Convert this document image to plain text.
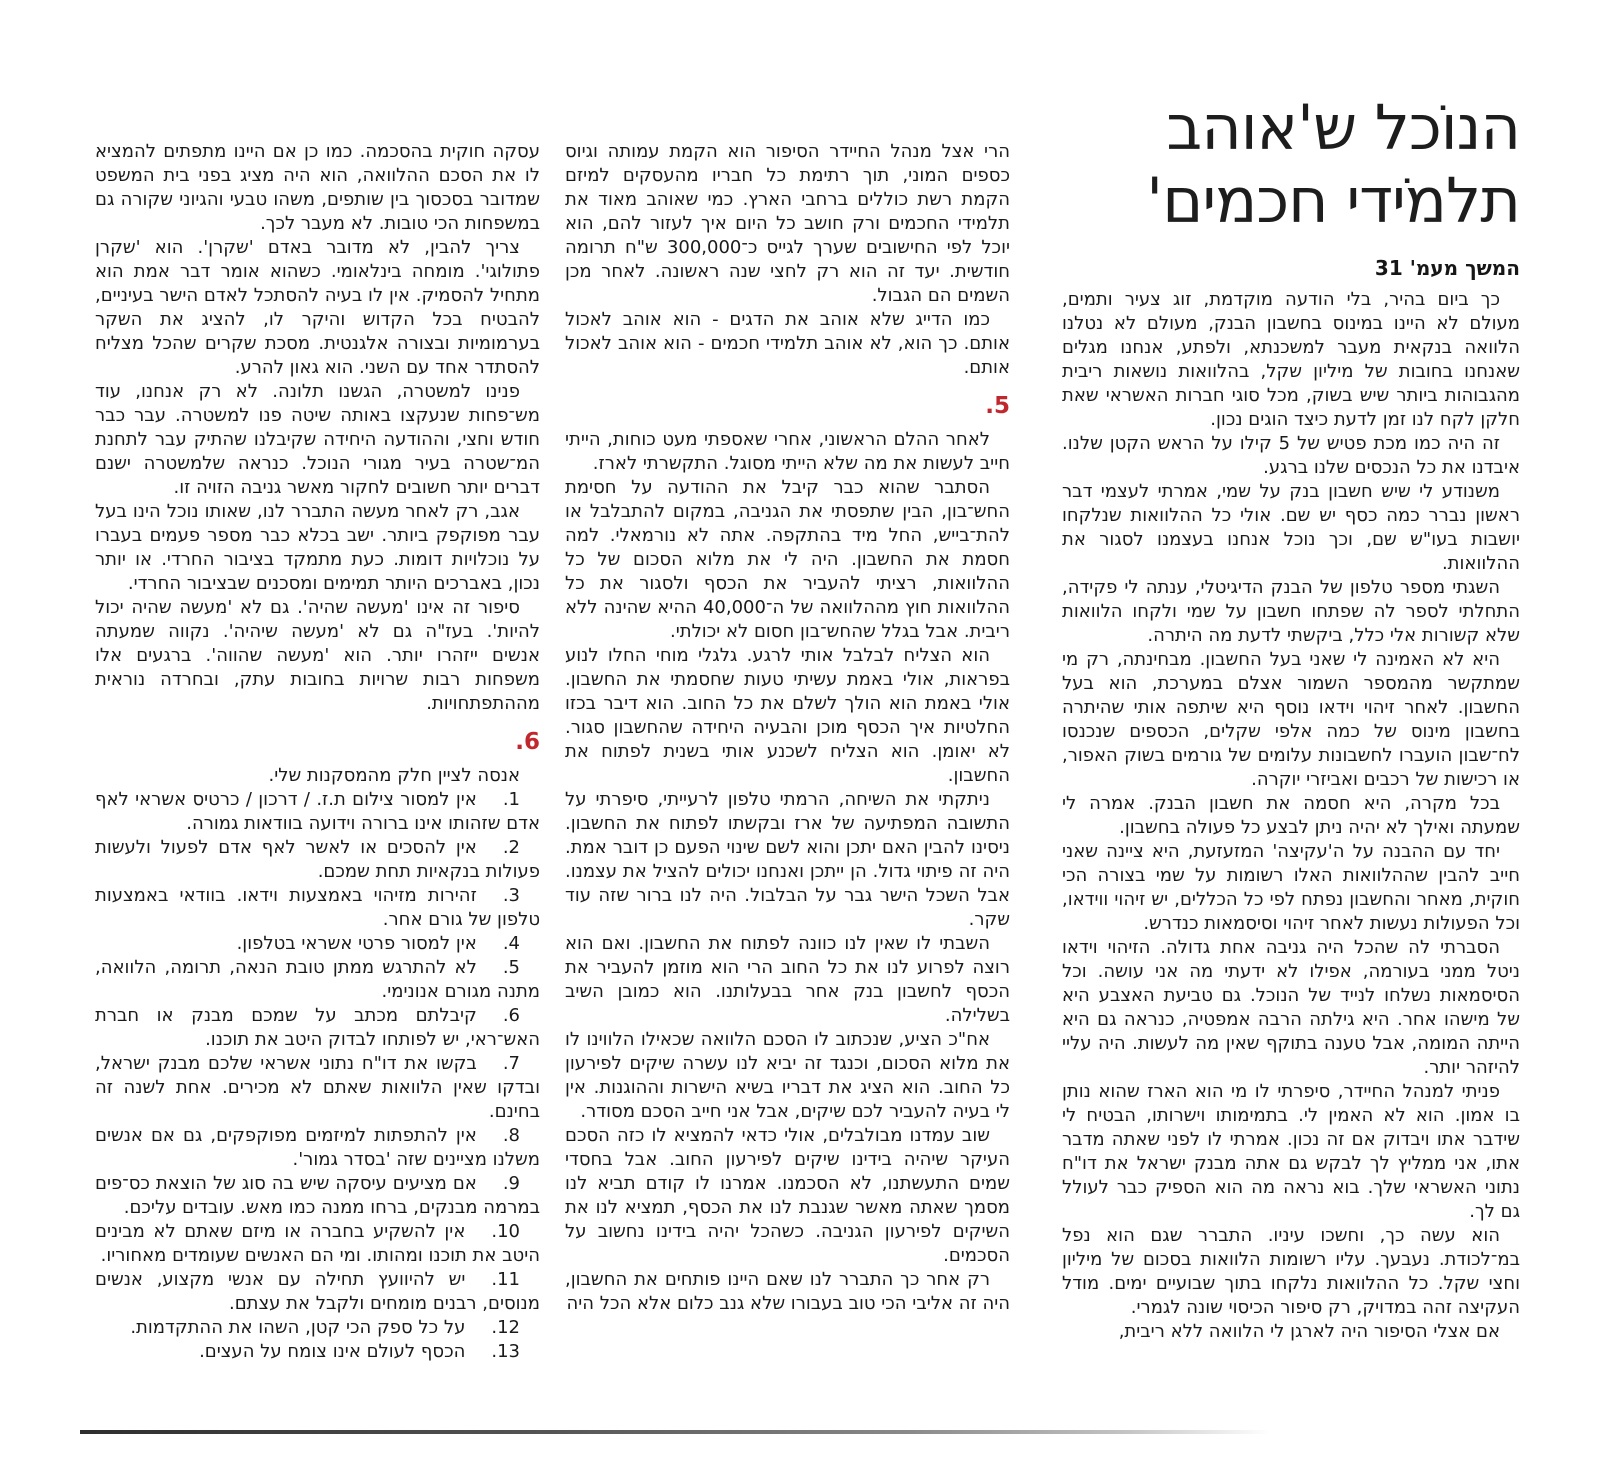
הנוֹכל ש'אוהב
תלמֹידי חכמים'
המשך מעמ' 31

כך ביום בהיר, בלי הודעה מוקדמת, זוג צעיר ותמים, מעולם לא היינו במינוס בחשבון הבנק, מעולם לא נטלנו הלוואה בנקאית מעבר למשכנתא, ולפתע, אנחנו מגלים שאנחנו בחובות של מיליון שקל, בהלוואות נושאות ריבית מהגבוהות ביותר שיש בשוק, מכל סוגי חברות האשראי שאת חלקן לקח לנו זמן לדעת כיצד הוגים נכון.

זה היה כמו מכת פטיש של 5 קילו על הראש הקטן שלנו. איבדנו את כל הנכסים שלנו ברגע.

משנודע לי שיש חשבון בנק על שמי, אמרתי לעצמי דבר ראשון נברר כמה כסף יש שם. אולי כל ההלוואות שנלקחו יושבות בעו"ש שם, וכך נוכל אנחנו בעצמנו לסגור את ההלוואות.

השגתי מספר טלפון של הבנק הדיגיטלי, ענתה לי פקידה, התחלתי לספר לה שפתחו חשבון על שמי ולקחו הלוואות שלא קשורות אלי כלל, ביקשתי לדעת מה היתרה.

היא לא האמינה לי שאני בעל החשבון. מבחינתה, רק מי שמתקשר מהמספר השמור אצלם במערכת, הוא בעל החשבון. לאחר זיהוי וידאו נוסף היא שיתפה אותי שהיתרה בחשבון מינוס של כמה אלפי שקלים, הכספים שנכנסו לח־שבון הועברו לחשבונות עלומים של גורמים בשוק האפור, או רכישות של רכבים ואביזרי יוקרה.

בכל מקרה, היא חסמה את חשבון הבנק. אמרה לי שמעתה ואילך לא יהיה ניתן לבצע כל פעולה בחשבון.

יחד עם ההבנה על ה'עקיצה' המזעזעת, היא ציינה שאני חייב להבין שההלוואות האלו רשומות על שמי בצורה הכי חוקית, מאחר והחשבון נפתח לפי כל הכללים, יש זיהוי ווידאו, וכל הפעולות נעשות לאחר זיהוי וסיסמאות כנדרש.

הסברתי לה שהכל היה גניבה אחת גדולה. הזיהוי וידאו ניטל ממני בעורמה, אפילו לא ידעתי מה אני עושה. וכל הסיסמאות נשלחו לנייד של הנוכל. גם טביעת האצבע היא של מישהו אחר. היא גילתה הרבה אמפטיה, כנראה גם היא הייתה המומה, אבל טענה בתוקף שאין מה לעשות. היה עליי להיזהר יותר.

פניתי למנהל החיידר, סיפרתי לו מי הוא הארז שהוא נותן בו אמון. הוא לא האמין לי. בתמימותו וישרותו, הבטיח לי שידבר אתו ויבדוק אם זה נכון. אמרתי לו לפני שאתה מדבר אתו, אני ממליץ לך לבקש גם אתה מבנק ישראל את דו"ח נתוני האשראי שלך. בוא נראה מה הוא הספיק כבר לעולל גם לך.

הוא עשה כך, וחשכו עיניו. התברר שגם הוא נפל במ־לכודת. נעבעך. עליו רשומות הלוואות בסכום של מיליון וחצי שקל. כל ההלוואות נלקחו בתוך שבועיים ימים. מודל העקיצה זהה במדויק, רק סיפור הכיסוי שונה לגמרי.

אם אצלי הסיפור היה לארגן לי הלוואה ללא ריבית,

הרי אצל מנהל החיידר הסיפור הוא הקמת עמותה וגיוס כספים המוני, תוך רתימת כל חבריו מהעסקים למיזם הקמת רשת כוללים ברחבי הארץ. כמי שאוהב מאוד את תלמידי החכמים ורק חושב כל היום איך לעזור להם, הוא יוכל לפי החישובים שערך לגייס כ־300,000 ש"ח תרומה חודשית. יעד זה הוא רק לחצי שנה ראשונה. לאחר מכן השמים הם הגבול.

כמו הדייג שלא אוהב את הדגים - הוא אוהב לאכול אותם. כך הוא, לא אוהב תלמידי חכמים - הוא אוהב לאכול אותם.

5.

לאחר ההלם הראשוני, אחרי שאספתי מעט כוחות, הייתי חייב לעשות את מה שלא הייתי מסוגל. התקשרתי לארז.

הסתבר שהוא כבר קיבל את ההודעה על חסימת החש־בון, הבין שתפסתי את הגניבה, במקום להתבלבל או להת־בייש, החל מיד בהתקפה. אתה לא נורמאלי. למה חסמת את החשבון. היה לי את מלוא הסכום של כל ההלוואות, רציתי להעביר את הכסף ולסגור את כל ההלוואות חוץ מההלוואה של ה־40,000 ההיא שהינה ללא ריבית. אבל בגלל שהחש־בון חסום לא יכולתי.

הוא הצליח לבלבל אותי לרגע. גלגלי מוחי החלו לנוע בפראות, אולי באמת עשיתי טעות שחסמתי את החשבון. אולי באמת הוא הולך לשלם את כל החוב. הוא דיבר בכזו החלטיות איך הכסף מוכן והבעיה היחידה שהחשבון סגור. לא יאומן. הוא הצליח לשכנע אותי בשנית לפתוח את החשבון.

ניתקתי את השיחה, הרמתי טלפון לרעייתי, סיפרתי על התשובה המפתיעה של ארז ובקשתו לפתוח את החשבון. ניסינו להבין האם יתכן והוא לשם שינוי הפעם כן דובר אמת. היה זה פיתוי גדול. הן ייתכן ואנחנו יכולים להציל את עצמנו. אבל השכל הישר גבר על הבלבול. היה לנו ברור שזה עוד שקר.

השבתי לו שאין לנו כוונה לפתוח את החשבון. ואם הוא רוצה לפרוע לנו את כל החוב הרי הוא מוזמן להעביר את הכסף לחשבון בנק אחר בבעלותנו. הוא כמובן השיב בשלילה.

אח"כ הציע, שנכתוב לו הסכם הלוואה שכאילו הלווינו לו את מלוא הסכום, וכנגד זה יביא לנו עשרה שיקים לפירעון כל החוב. הוא הציג את דבריו בשיא הישרות וההוגנות. אין לי בעיה להעביר לכם שיקים, אבל אני חייב הסכם מסודר.

שוב עמדנו מבולבלים, אולי כדאי להמציא לו כזה הסכם העיקר שיהיה בידינו שיקים לפירעון החוב. אבל בחסדי שמים התעשתנו, לא הסכמנו. אמרנו לו קודם תביא לנו מסמך שאתה מאשר שגנבת לנו את הכסף, תמציא לנו את השיקים לפירעון הגניבה. כשהכל יהיה בידינו נחשוב על הסכמים.

רק אחר כך התברר לנו שאם היינו פותחים את החשבון, היה זה אליבי הכי טוב בעבורו שלא גנב כלום אלא הכל היה

עסקה חוקית בהסכמה. כמו כן אם היינו מתפתים להמציא לו את הסכם ההלוואה, הוא היה מציג בפני בית המשפט שמדובר בסכסוך בין שותפים, משהו טבעי והגיוני שקורה גם במשפחות הכי טובות. לא מעבר לכך.

צריך להבין, לא מדובר באדם 'שקרן'. הוא 'שקרן פתולוגי'. מומחה בינלאומי. כשהוא אומר דבר אמת הוא מתחיל להסמיק. אין לו בעיה להסתכל לאדם הישר בעיניים, להבטיח בכל הקדוש והיקר לו, להציג את השקר בערמומיות ובצורה אלגנטית. מסכת שקרים שהכל מצליח להסתדר אחד עם השני. הוא גאון להרע.

פנינו למשטרה, הגשנו תלונה. לא רק אנחנו, עוד מש־פחות שנעקצו באותה שיטה פנו למשטרה. עבר כבר חודש וחצי, וההודעה היחידה שקיבלנו שהתיק עבר לתחנת המ־שטרה בעיר מגורי הנוכל. כנראה שלמשטרה ישנם דברים יותר חשובים לחקור מאשר גניבה הזויה זו.

אגב, רק לאחר מעשה התברר לנו, שאותו נוכל הינו בעל עבר מפוקפק ביותר. ישב בכלא כבר מספר פעמים בעברו על נוכלויות דומות. כעת מתמקד בציבור החרדי. או יותר נכון, באברכים היותר תמימים ומסכנים שבציבור החרדי.

סיפור זה אינו 'מעשה שהיה'. גם לא 'מעשה שהיה יכול להיות'. בעז"ה גם לא 'מעשה שיהיה'. נקווה שמעתה אנשים ייזהרו יותר. הוא 'מעשה שהווה'. ברגעים אלו משפחות רבות שרויות בחובות עתק, ובחרדה נוראית מההתפתחויות.

6.

אנסה לציין חלק מהמסקנות שלי.

1.אין למסור צילום ת.ז. / דרכון / כרטיס אשראי לאף אדם שזהותו אינו ברורה וידועה בוודאות גמורה.

2.אין להסכים או לאשר לאף אדם לפעול ולעשות פעולות בנקאיות תחת שמכם.

3.זהירות מזיהוי באמצעות וידאו. בוודאי באמצעות טלפון של גורם אחר.

4.אין למסור פרטי אשראי בטלפון.

5.לא להתרגש ממתן טובת הנאה, תרומה, הלוואה, מתנה מגורם אנונימי.

6.קיבלתם מכתב על שמכם מבנק או חברת האש־ראי, יש לפותחו לבדוק היטב את תוכנו.

7.בקשו את דו"ח נתוני אשראי שלכם מבנק ישראל, ובדקו שאין הלוואות שאתם לא מכירים. אחת לשנה זה בחינם.

8.אין להתפתות למיזמים מפוקפקים, גם אם אנשים משלנו מציינים שזה 'בסדר גמור'.

9.אם מציעים עיסקה שיש בה סוג של הוצאת כס־פים במרמה מבנקים, ברחו ממנה כמו מאש. עובדים עליכם.

10.אין להשקיע בחברה או מיזם שאתם לא מבינים היטב את תוכנו ומהותו. ומי הם האנשים שעומדים מאחוריו.

11.יש להיוועץ תחילה עם אנשי מקצוע, אנשים מנוסים, רבנים מומחים ולקבל את עצתם.

12.על כל ספק הכי קטן, השהו את ההתקדמות.

13.הכסף לעולם אינו צומח על העצים.
